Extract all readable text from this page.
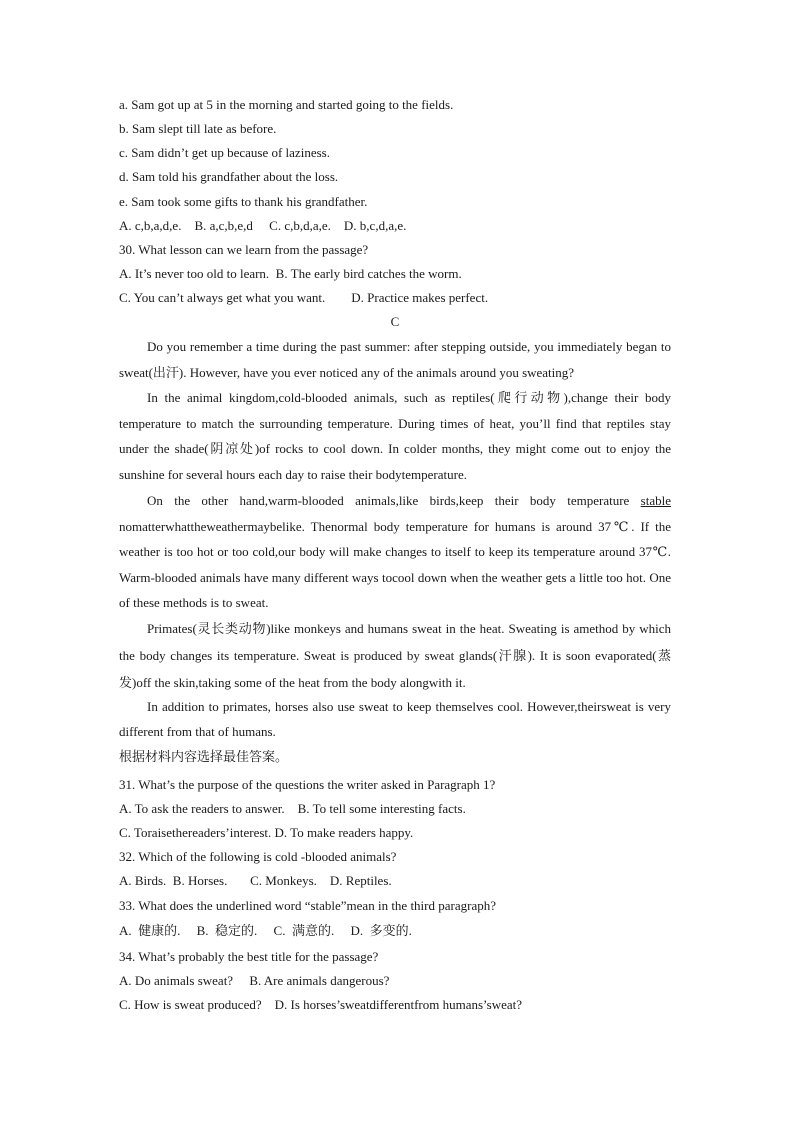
a. Sam got up at 5 in the morning and started going to the fields.
b. Sam slept till late as before.
c. Sam didn’t get up because of laziness.
d. Sam told his grandfather about the loss.
e. Sam took some gifts to thank his grandfather.
A. c,b,a,d,e.    B. a,c,b,e,d     C. c,b,d,a,e.    D. b,c,d,a,e.
30. What lesson can we learn from the passage?
A. It’s never too old to learn.  B. The early bird catches the worm.
C. You can’t always get what you want.        D. Practice makes perfect.
C
Do you remember a time during the past summer: after stepping outside, you immediately began to sweat(出汗). However, have you ever noticed any of the animals around you sweating?
In the animal kingdom,cold-blooded animals, such as reptiles(爬行动物),change their body temperature to match the surrounding temperature. During times of heat, you’ll find that reptiles stay under the shade(阴凉处)of rocks to cool down. In colder months, they might come out to enjoy the sunshine for several hours each day to raise their bodytemperature.
On the other hand,warm-blooded animals,like birds,keep their body temperature stable nomatterwhattheweathermaybelike. Thenormal body temperature for humans is around 37℃. If the weather is too hot or too cold,our body will make changes to itself to keep its temperature around 37℃. Warm-blooded animals have many different ways tocool down when the weather gets a little too hot. One of these methods is to sweat.
Primates(灵长类动物)like monkeys and humans sweat in the heat. Sweating is amethod by which the body changes its temperature. Sweat is produced by sweat glands(汗腺). It is soon evaporated(蒸发)off the skin,taking some of the heat from the body alongwith it.
In addition to primates, horses also use sweat to keep themselves cool. However,theirsweat is very different from that of humans.
根据材料内容选择最佳答案。
31. What’s the purpose of the questions the writer asked in Paragraph 1?
A. To ask the readers to answer.    B. To tell some interesting facts.
C. Toraisethereaders’interest. D. To make readers happy.
32. Which of the following is cold -blooded animals?
A. Birds.  B. Horses.       C. Monkeys.    D. Reptiles.
33. What does the underlined word “stable”mean in the third paragraph?
A.  健康的.     B.  稳定的.     C.  满意的.     D.  多变的.
34. What’s probably the best title for the passage?
A. Do animals sweat?     B. Are animals dangerous?
C. How is sweat produced?    D. Is horses’sweatdifferentfrom humans’sweat?
